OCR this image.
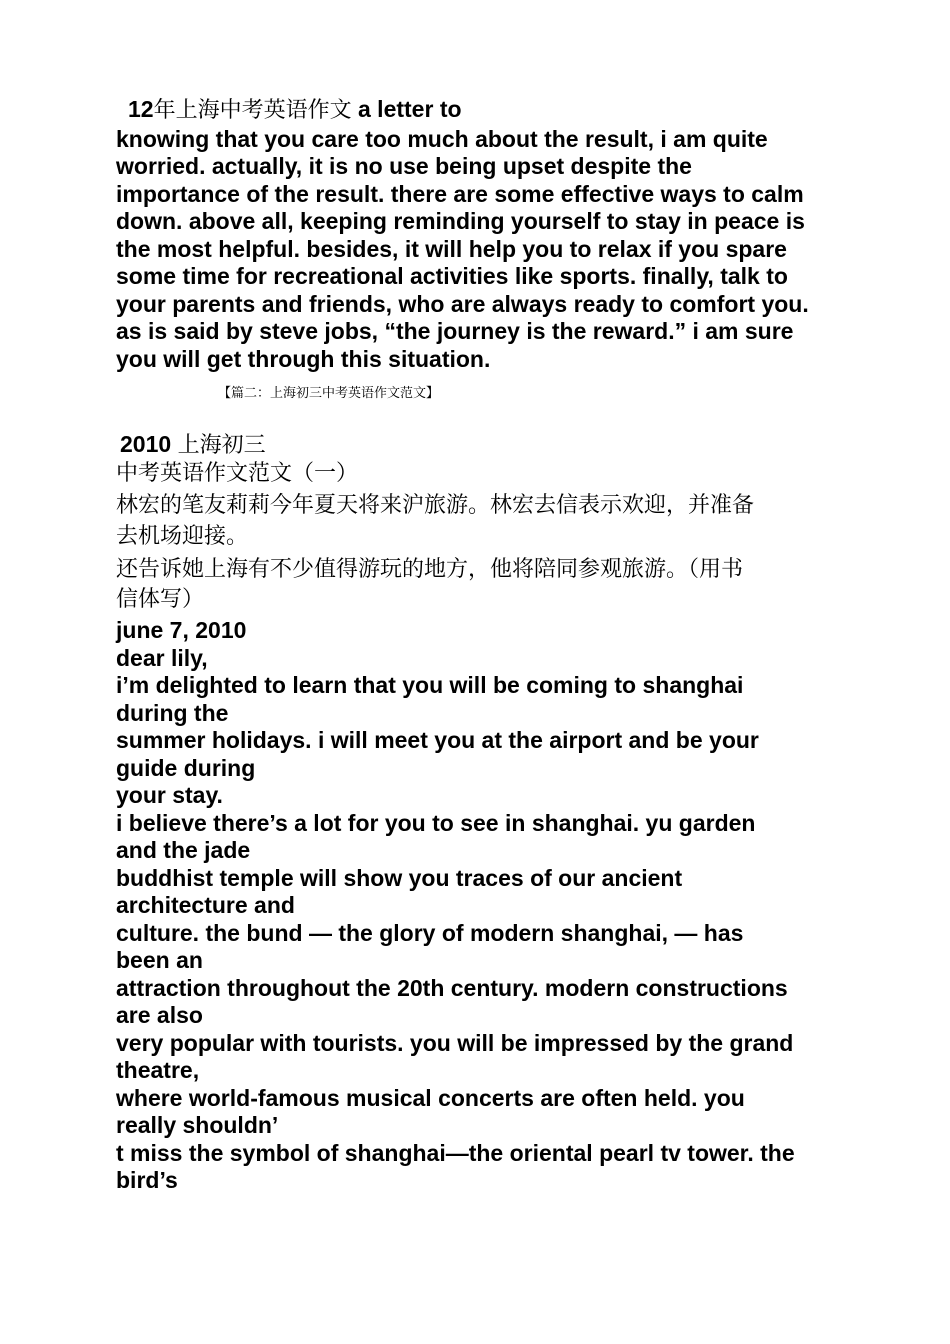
12年上海中考英语作文 a letter to
knowing that you care too much about the result, i am quite
worried. actually, it is no use being upset despite the
importance of the result. there are some effective ways to calm
down. above all, keeping reminding yourself to stay in peace is
the most helpful. besides, it will help you to relax if you spare
some time for recreational activities like sports. finally, talk to
your parents and friends, who are always ready to comfort you.
as is said by steve jobs, “the journey is the reward.” i am sure
you will get through this situation.
【篇二：上海初三中考英语作文范文】
2010 上海初三
中考英语作文范文（一）
林宏的笔友莉莉今年夏天将来沪旅游。林宏去信表示欢迎，并准备
去机场迎接。
还告诉她上海有不少值得游玩的地方，他将陪同参观旅游。（用书
信体写）
june 7, 2010
dear lily,
i’m delighted to learn that you will be coming to shanghai
during the
summer holidays. i will meet you at the airport and be your
guide during
your stay.
i believe there’s a lot for you to see in shanghai. yu garden
and the jade
buddhist temple will show you traces of our ancient
architecture and
culture. the bund — the glory of modern shanghai, — has
been an
attraction throughout the 20th century. modern constructions
are also
very popular with tourists. you will be impressed by the grand
theatre,
where world-famous musical concerts are often held. you
really shouldn’
t miss the symbol of shanghai—the oriental pearl tv tower. the
bird’s
